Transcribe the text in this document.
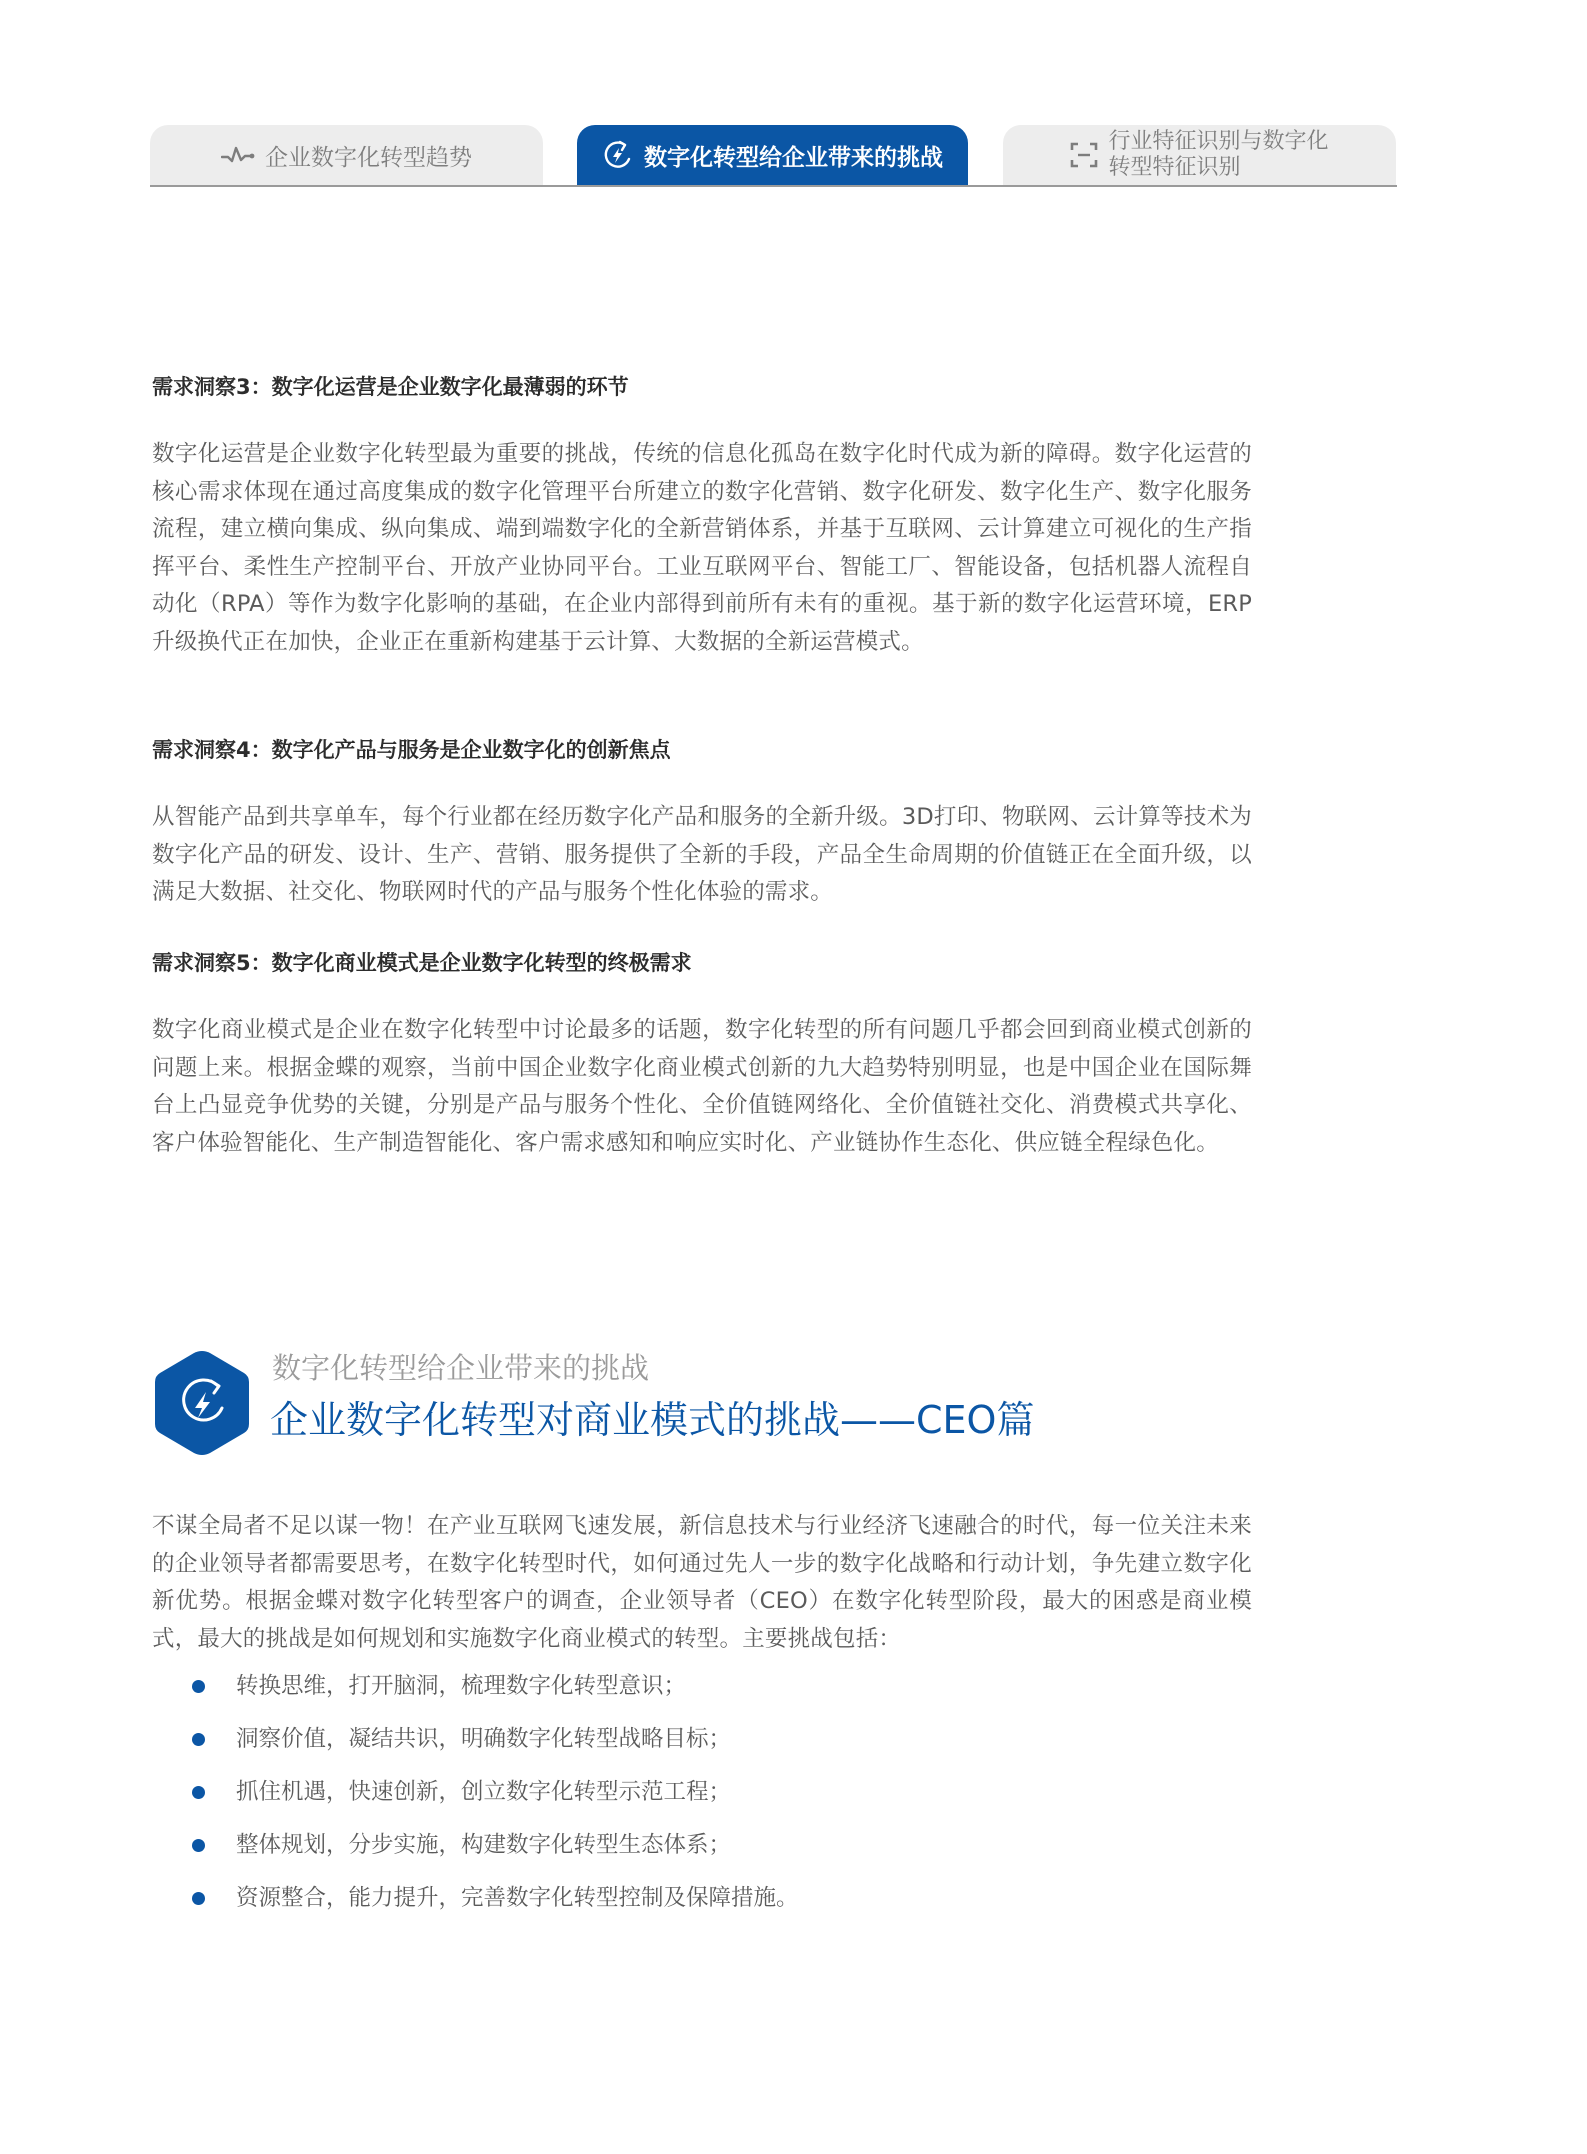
企业数字化转型趋势	数字化转型给企业带来的挑战
行业特征识别与数字化
转型特征识别
需求洞察3：数字化运营是企业数字化最薄弱的环节

数字化运营是企业数字化转型最为重要的挑战，传统的信息化孤岛在数字化时代成为新的障碍。数字化运营的核心需求体现在通过高度集成的数字化管理平台所建立的数字化营销、数字化研发、数字化生产、数字化服务流程，建立横向集成、纵向集成、端到端数字化的全新营销体系，并基于互联网、云计算建立可视化的生产指挥平台、柔性生产控制平台、开放产业协同平台。工业互联网平台、智能工厂、智能设备，包括机器人流程自动化（RPA）等作为数字化影响的基础，在企业内部得到前所有未有的重视。基于新的数字化运营环境，ERP升级换代正在加快，企业正在重新构建基于云计算、大数据的全新运营模式。

需求洞察4：数字化产品与服务是企业数字化的创新焦点

从智能产品到共享单车，每个行业都在经历数字化产品和服务的全新升级。3D打印、物联网、云计算等技术为数字化产品的研发、设计、生产、营销、服务提供了全新的手段，产品全生命周期的价值链正在全面升级，以满足大数据、社交化、物联网时代的产品与服务个性化体验的需求。

需求洞察5：数字化商业模式是企业数字化转型的终极需求

数字化商业模式是企业在数字化转型中讨论最多的话题，数字化转型的所有问题几乎都会回到商业模式创新的问题上来。根据金蝶的观察，当前中国企业数字化商业模式创新的九大趋势特别明显，也是中国企业在国际舞台上凸显竞争优势的关键，分别是产品与服务个性化、全价值链网络化、全价值链社交化、消费模式共享化、客户体验智能化、生产制造智能化、客户需求感知和响应实时化、产业链协作生态化、供应链全程绿色化。

数字化转型给企业带来的挑战
企业数字化转型对商业模式的挑战——CEO篇

不谋全局者不足以谋一物！在产业互联网飞速发展，新信息技术与行业经济飞速融合的时代，每一位关注未来的企业领导者都需要思考，在数字化转型时代，如何通过先人一步的数字化战略和行动计划，争先建立数字化新优势。根据金蝶对数字化转型客户的调查，企业领导者（CEO）在数字化转型阶段，最大的困惑是商业模式，最大的挑战是如何规划和实施数字化商业模式的转型。主要挑战包括：

转换思维，打开脑洞，梳理数字化转型意识；
洞察价值，凝结共识，明确数字化转型战略目标；
抓住机遇，快速创新，创立数字化转型示范工程；
整体规划，分步实施，构建数字化转型生态体系；
资源整合，能力提升，完善数字化转型控制及保障措施。
